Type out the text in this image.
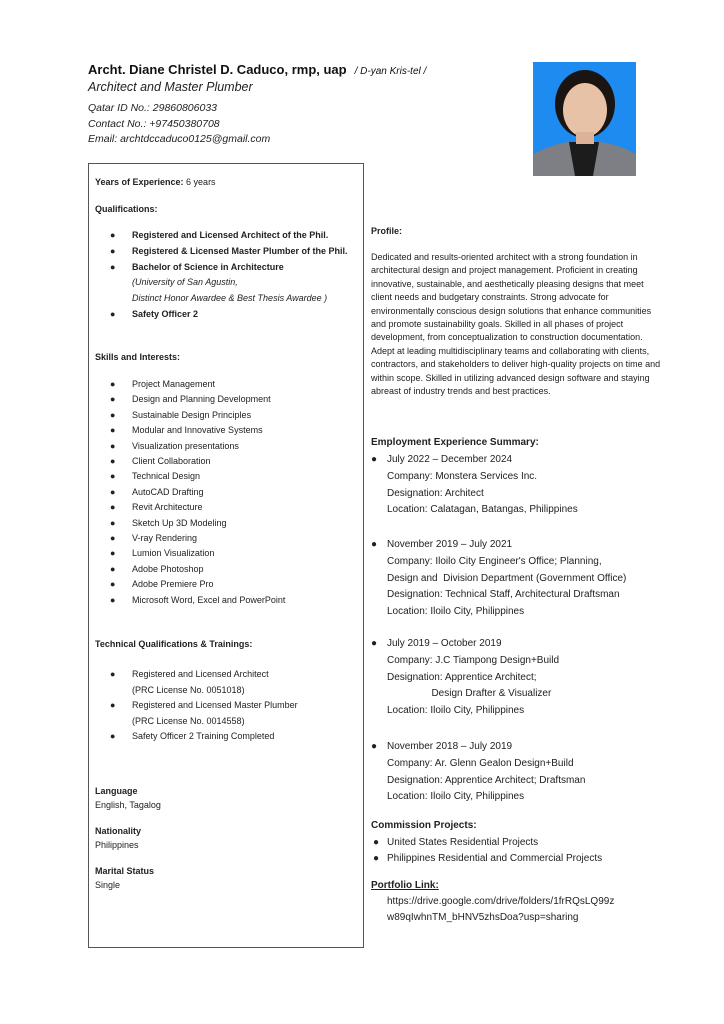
Archt. Diane Christel D. Caduco, rmp, uap / D-yan Kris-tel /
Architect and Master Plumber
Qatar ID No.: 29860806033
Contact No.: +97450380708
Email: archtdccaduco0125@gmail.com
Years of Experience: 6 years
Qualifications:
● Registered and Licensed Architect of the Phil.
● Registered & Licensed Master Plumber of the Phil.
● Bachelor of Science in Architecture
(University of San Agustin,
Distinct Honor Awardee & Best Thesis Awardee )
● Safety Officer 2
Skills and Interests:
● Project Management
● Design and Planning Development
● Sustainable Design Principles
● Modular and Innovative Systems
● Visualization presentations
● Client Collaboration
● Technical Design
● AutoCAD Drafting
● Revit Architecture
● Sketch Up 3D Modeling
● V-ray Rendering
● Lumion Visualization
● Adobe Photoshop
● Adobe Premiere Pro
● Microsoft Word, Excel and PowerPoint
Technical Qualifications & Trainings:
● Registered and Licensed Architect
(PRC License No. 0051018)
● Registered and Licensed Master Plumber
(PRC License No. 0014558)
● Safety Officer 2 Training Completed
Language
English, Tagalog
Nationality
Philippines
Marital Status
Single
Profile:
Dedicated and results-oriented architect with a strong foundation in architectural design and project management. Proficient in creating innovative, sustainable, and aesthetically pleasing designs that meet client needs and budgetary constraints. Strong advocate for environmentally conscious design solutions that enhance communities and promote sustainability goals. Skilled in all phases of project development, from conceptualization to construction documentation. Adept at leading multidisciplinary teams and collaborating with clients, contractors, and stakeholders to deliver high-quality projects on time and within scope. Skilled in utilizing advanced design software and staying abreast of industry trends and best practices.
Employment Experience Summary:
● July 2022 – December 2024
Company: Monstera Services Inc.
Designation: Architect
Location: Calatagan, Batangas, Philippines
● November 2019 – July 2021
Company: Iloilo City Engineer's Office; Planning,
Design and  Division Department (Government Office)
Designation: Technical Staff, Architectural Draftsman
Location: Iloilo City, Philippines
● July 2019 – October 2019
Company: J.C Tiampong Design+Build
Designation: Apprentice Architect;
Design Drafter & Visualizer
Location: Iloilo City, Philippines
● November 2018 – July 2019
Company: Ar. Glenn Gealon Design+Build
Designation: Apprentice Architect; Draftsman
Location: Iloilo City, Philippines
Commission Projects:
● United States Residential Projects
● Philippines Residential and Commercial Projects
Portfolio Link:
https://drive.google.com/drive/folders/1frRQsLQ99z
w89qIwhnTM_bHNV5zhsDoa?usp=sharing
